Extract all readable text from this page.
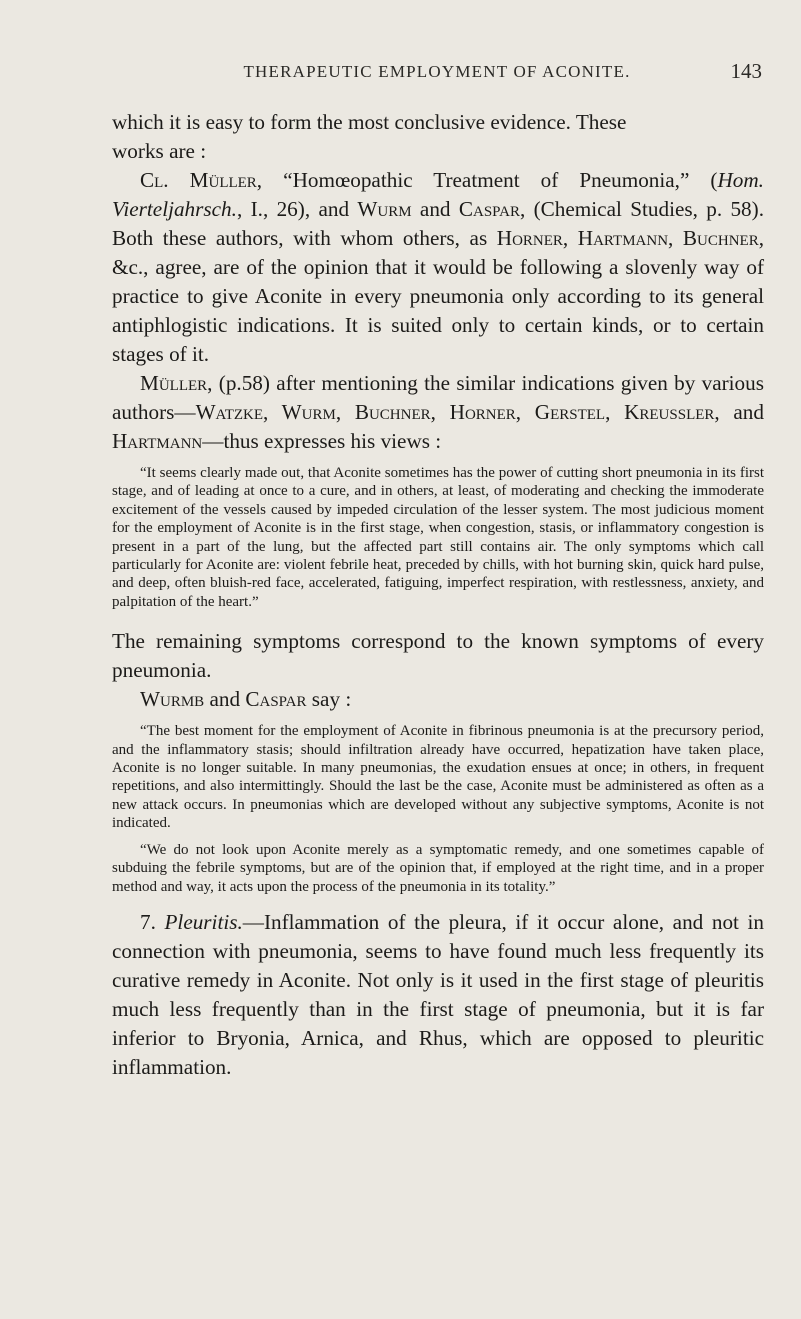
THERAPEUTIC EMPLOYMENT OF ACONITE.	143

which it is easy to form the most conclusive evidence. These
works are :

Cl. Müller, “Homœopathic Treatment of Pneumonia,” (Hom. Vierteljahrsch., I., 26), and Wurm and Caspar, (Chemical Studies, p. 58). Both these authors, with whom others, as Horner, Hartmann, Buchner, &c., agree, are of the opinion that it would be following a slovenly way of practice to give Aconite in every pneumonia only according to its general antiphlogistic indications. It is suited only to certain kinds, or to certain stages of it.

Müller, (p.58) after mentioning the similar indications given by various authors—Watzke, Wurm, Buchner, Horner, Gerstel, Kreussler, and Hartmann—thus expresses his views :

“It seems clearly made out, that Aconite sometimes has the power of cutting short pneumonia in its first stage, and of leading at once to a cure, and in others, at least, of moderating and checking the immoderate excitement of the vessels caused by impeded circulation of the lesser system. The most judicious moment for the employment of Aconite is in the first stage, when congestion, stasis, or inflammatory congestion is present in a part of the lung, but the affected part still contains air. The only symptoms which call particularly for Aconite are: violent febrile heat, preceded by chills, with hot burning skin, quick hard pulse, and deep, often bluish-red face, accelerated, fatiguing, imperfect respiration, with restlessness, anxiety, and palpitation of the heart.”

The remaining symptoms correspond to the known symptoms of every pneumonia.

Wurmb and Caspar say :

“The best moment for the employment of Aconite in fibrinous pneumonia is at the precursory period, and the inflammatory stasis; should infiltration already have occurred, hepatization have taken place, Aconite is no longer suitable. In many pneumonias, the exudation ensues at once; in others, in frequent repetitions, and also intermittingly. Should the last be the case, Aconite must be administered as often as a new attack occurs. In pneumonias which are developed without any subjective symptoms, Aconite is not indicated.

“We do not look upon Aconite merely as a symptomatic remedy, and one sometimes capable of subduing the febrile symptoms, but are of the opinion that, if employed at the right time, and in a proper method and way, it acts upon the process of the pneumonia in its totality.”

7. Pleuritis.—Inflammation of the pleura, if it occur alone, and not in connection with pneumonia, seems to have found much less frequently its curative remedy in Aconite. Not only is it used in the first stage of pleuritis much less frequently than in the first stage of pneumonia, but it is far inferior to Bryonia, Arnica, and Rhus, which are opposed to pleuritic inflammation.
